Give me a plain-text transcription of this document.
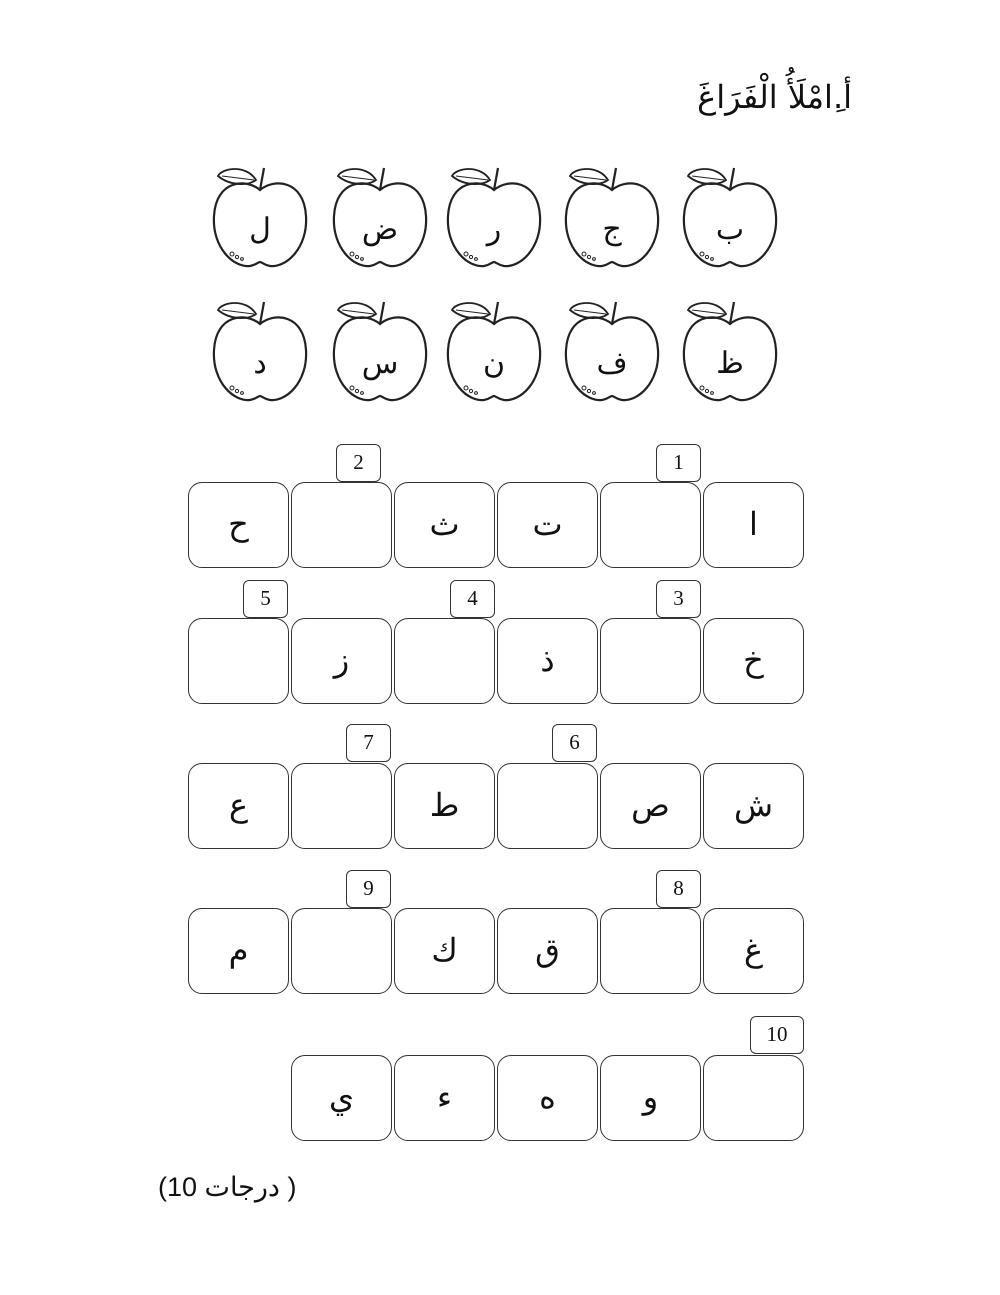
أ.ِامْلَأُ الْفَرَاغَ
ب
ج
ر
ض
ل
ظ
ف
ن
س
د
ا
ت
ث
ح
1
2
خ
ذ
ز
3
4
5
ش
ص
ط
ع
6
7
غ
ق
ك
م
8
9
و
ه
ء
ي
10
(10 درجات )
